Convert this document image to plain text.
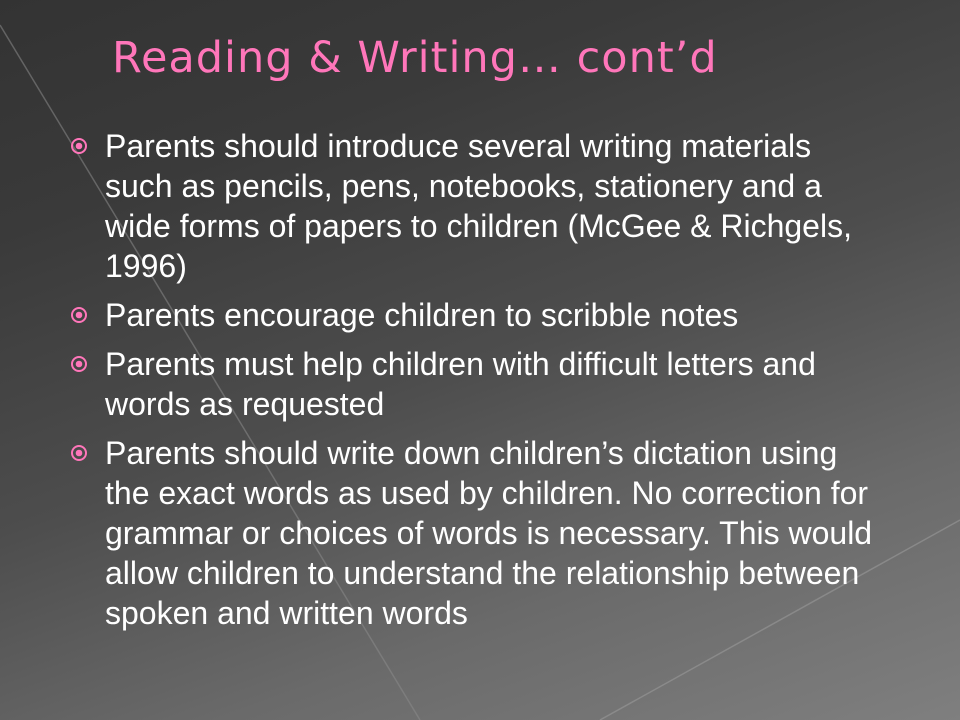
Reading & Writing… cont’d
Parents should introduce several writing materials such as pencils, pens, notebooks, stationery and a wide forms of papers to children (McGee & Richgels, 1996)
Parents encourage children to scribble notes
Parents must help children with difficult letters and words as requested
Parents should write down children’s dictation using the exact words as used by children. No correction for grammar or choices of words is necessary. This would allow children to understand the relationship between spoken and written words
